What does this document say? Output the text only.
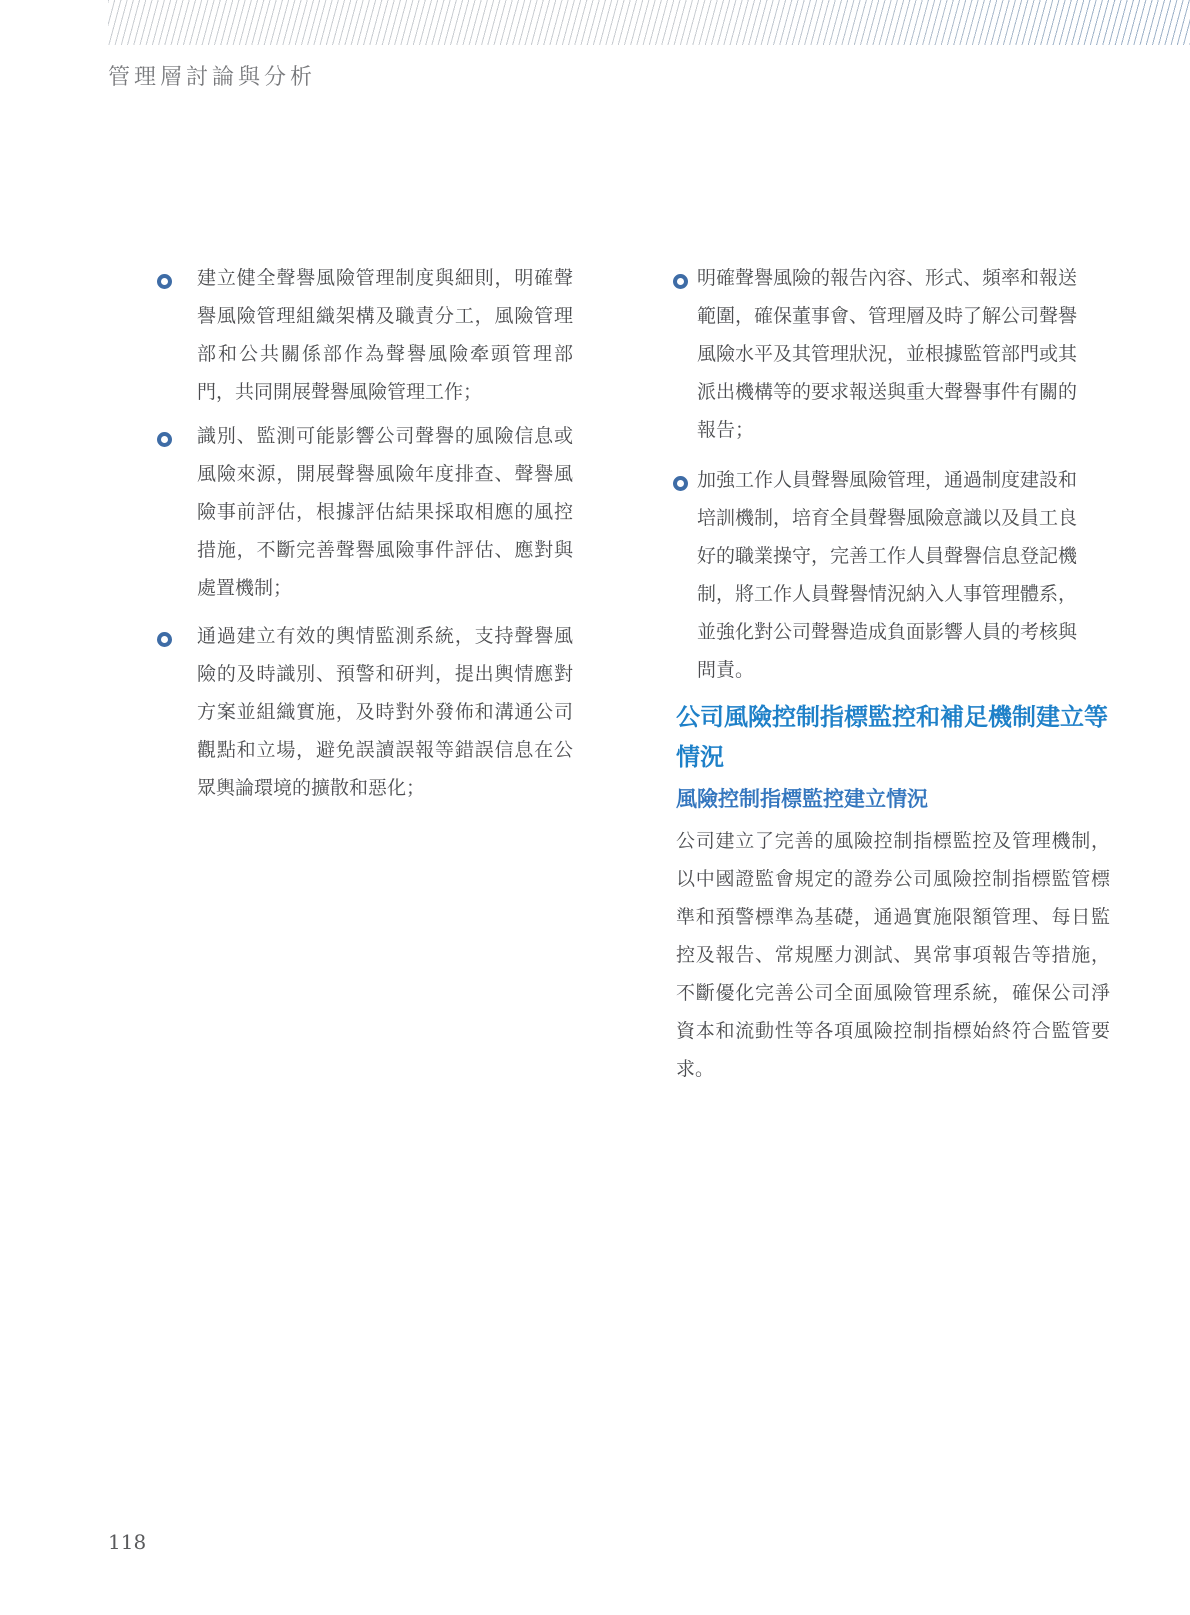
管理層討論與分析
建立健全聲譽風險管理制度與細則，明確聲譽風險管理組織架構及職責分工，風險管理部和公共關係部作為聲譽風險牽頭管理部門，共同開展聲譽風險管理工作；
識別、監測可能影響公司聲譽的風險信息或風險來源，開展聲譽風險年度排查、聲譽風險事前評估，根據評估結果採取相應的風控措施，不斷完善聲譽風險事件評估、應對與處置機制；
通過建立有效的輿情監測系統，支持聲譽風險的及時識別、預警和研判，提出輿情應對方案並組織實施，及時對外發佈和溝通公司觀點和立場，避免誤讀誤報等錯誤信息在公眾輿論環境的擴散和惡化；
明確聲譽風險的報告內容、形式、頻率和報送範圍，確保董事會、管理層及時了解公司聲譽風險水平及其管理狀況，並根據監管部門或其派出機構等的要求報送與重大聲譽事件有關的報告；
加強工作人員聲譽風險管理，通過制度建設和培訓機制，培育全員聲譽風險意識以及員工良好的職業操守，完善工作人員聲譽信息登記機制，將工作人員聲譽情況納入人事管理體系，並強化對公司聲譽造成負面影響人員的考核與問責。
公司風險控制指標監控和補足機制建立等情況
風險控制指標監控建立情況

公司建立了完善的風險控制指標監控及管理機制，以中國證監會規定的證券公司風險控制指標監管標準和預警標準為基礎，通過實施限額管理、每日監控及報告、常規壓力測試、異常事項報告等措施，不斷優化完善公司全面風險管理系統，確保公司淨資本和流動性等各項風險控制指標始終符合監管要求。

118
